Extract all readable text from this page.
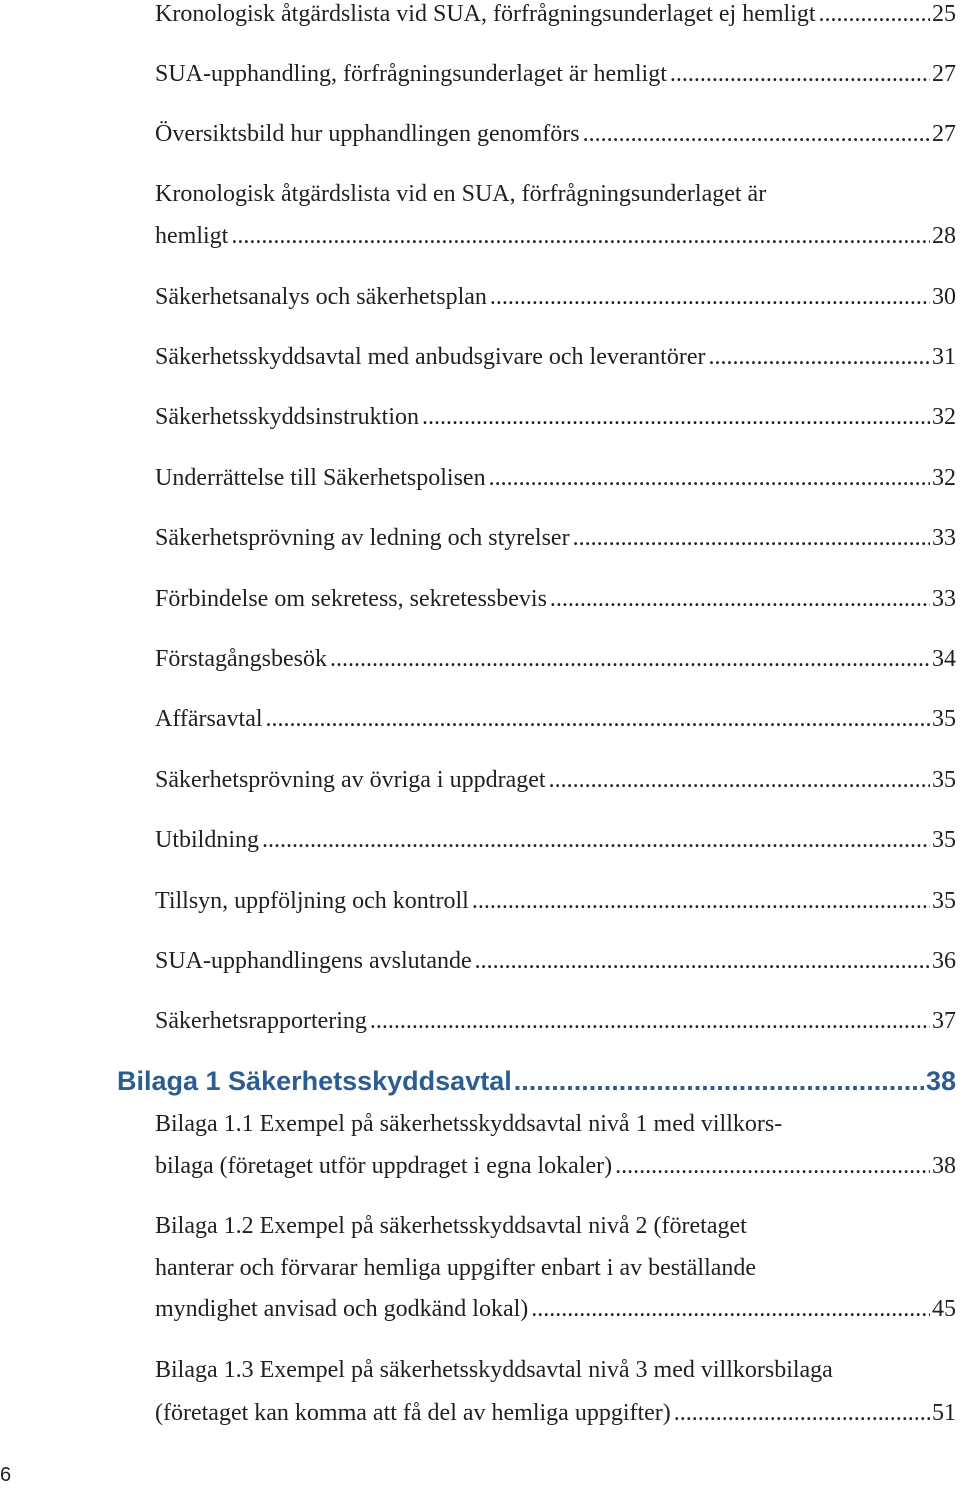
Kronologisk åtgärdslista vid SUA, förfrågningsunderlaget ej hemligt .....	25
SUA-upphandling, förfrågningsunderlaget är hemligt .....	27
Översiktsbild hur upphandlingen genomförs .....	27
Kronologisk åtgärdslista vid en SUA, förfrågningsunderlaget är
hemligt .....	28
Säkerhetsanalys och säkerhetsplan .....	30
Säkerhetsskyddsavtal med anbudsgivare och leverantörer .....	31
Säkerhetsskyddsinstruktion .....	32
Underrättelse till Säkerhetspolisen .....	32
Säkerhetsprövning av ledning och styrelser .....	33
Förbindelse om sekretess, sekretessbevis .....	33
Förstagångsbesök .....	34
Affärsavtal .....	35
Säkerhetsprövning av övriga i uppdraget .....	35
Utbildning .....	35
Tillsyn, uppföljning och kontroll .....	35
SUA-upphandlingens avslutande .....	36
Säkerhetsrapportering .....	37
Bilaga 1 Säkerhetsskyddsavtal .....	38
Bilaga 1.1 Exempel på säkerhetsskyddsavtal nivå 1 med villkors-
bilaga (företaget utför uppdraget i egna lokaler) .....	38
Bilaga 1.2 Exempel på säkerhetsskyddsavtal nivå 2 (företaget
hanterar och förvarar hemliga uppgifter enbart i av beställande
myndighet anvisad och godkänd lokal) .....	45
Bilaga 1.3 Exempel på säkerhetsskyddsavtal nivå 3 med villkorsbilaga
(företaget kan komma att få del av hemliga uppgifter) .....	51
6
